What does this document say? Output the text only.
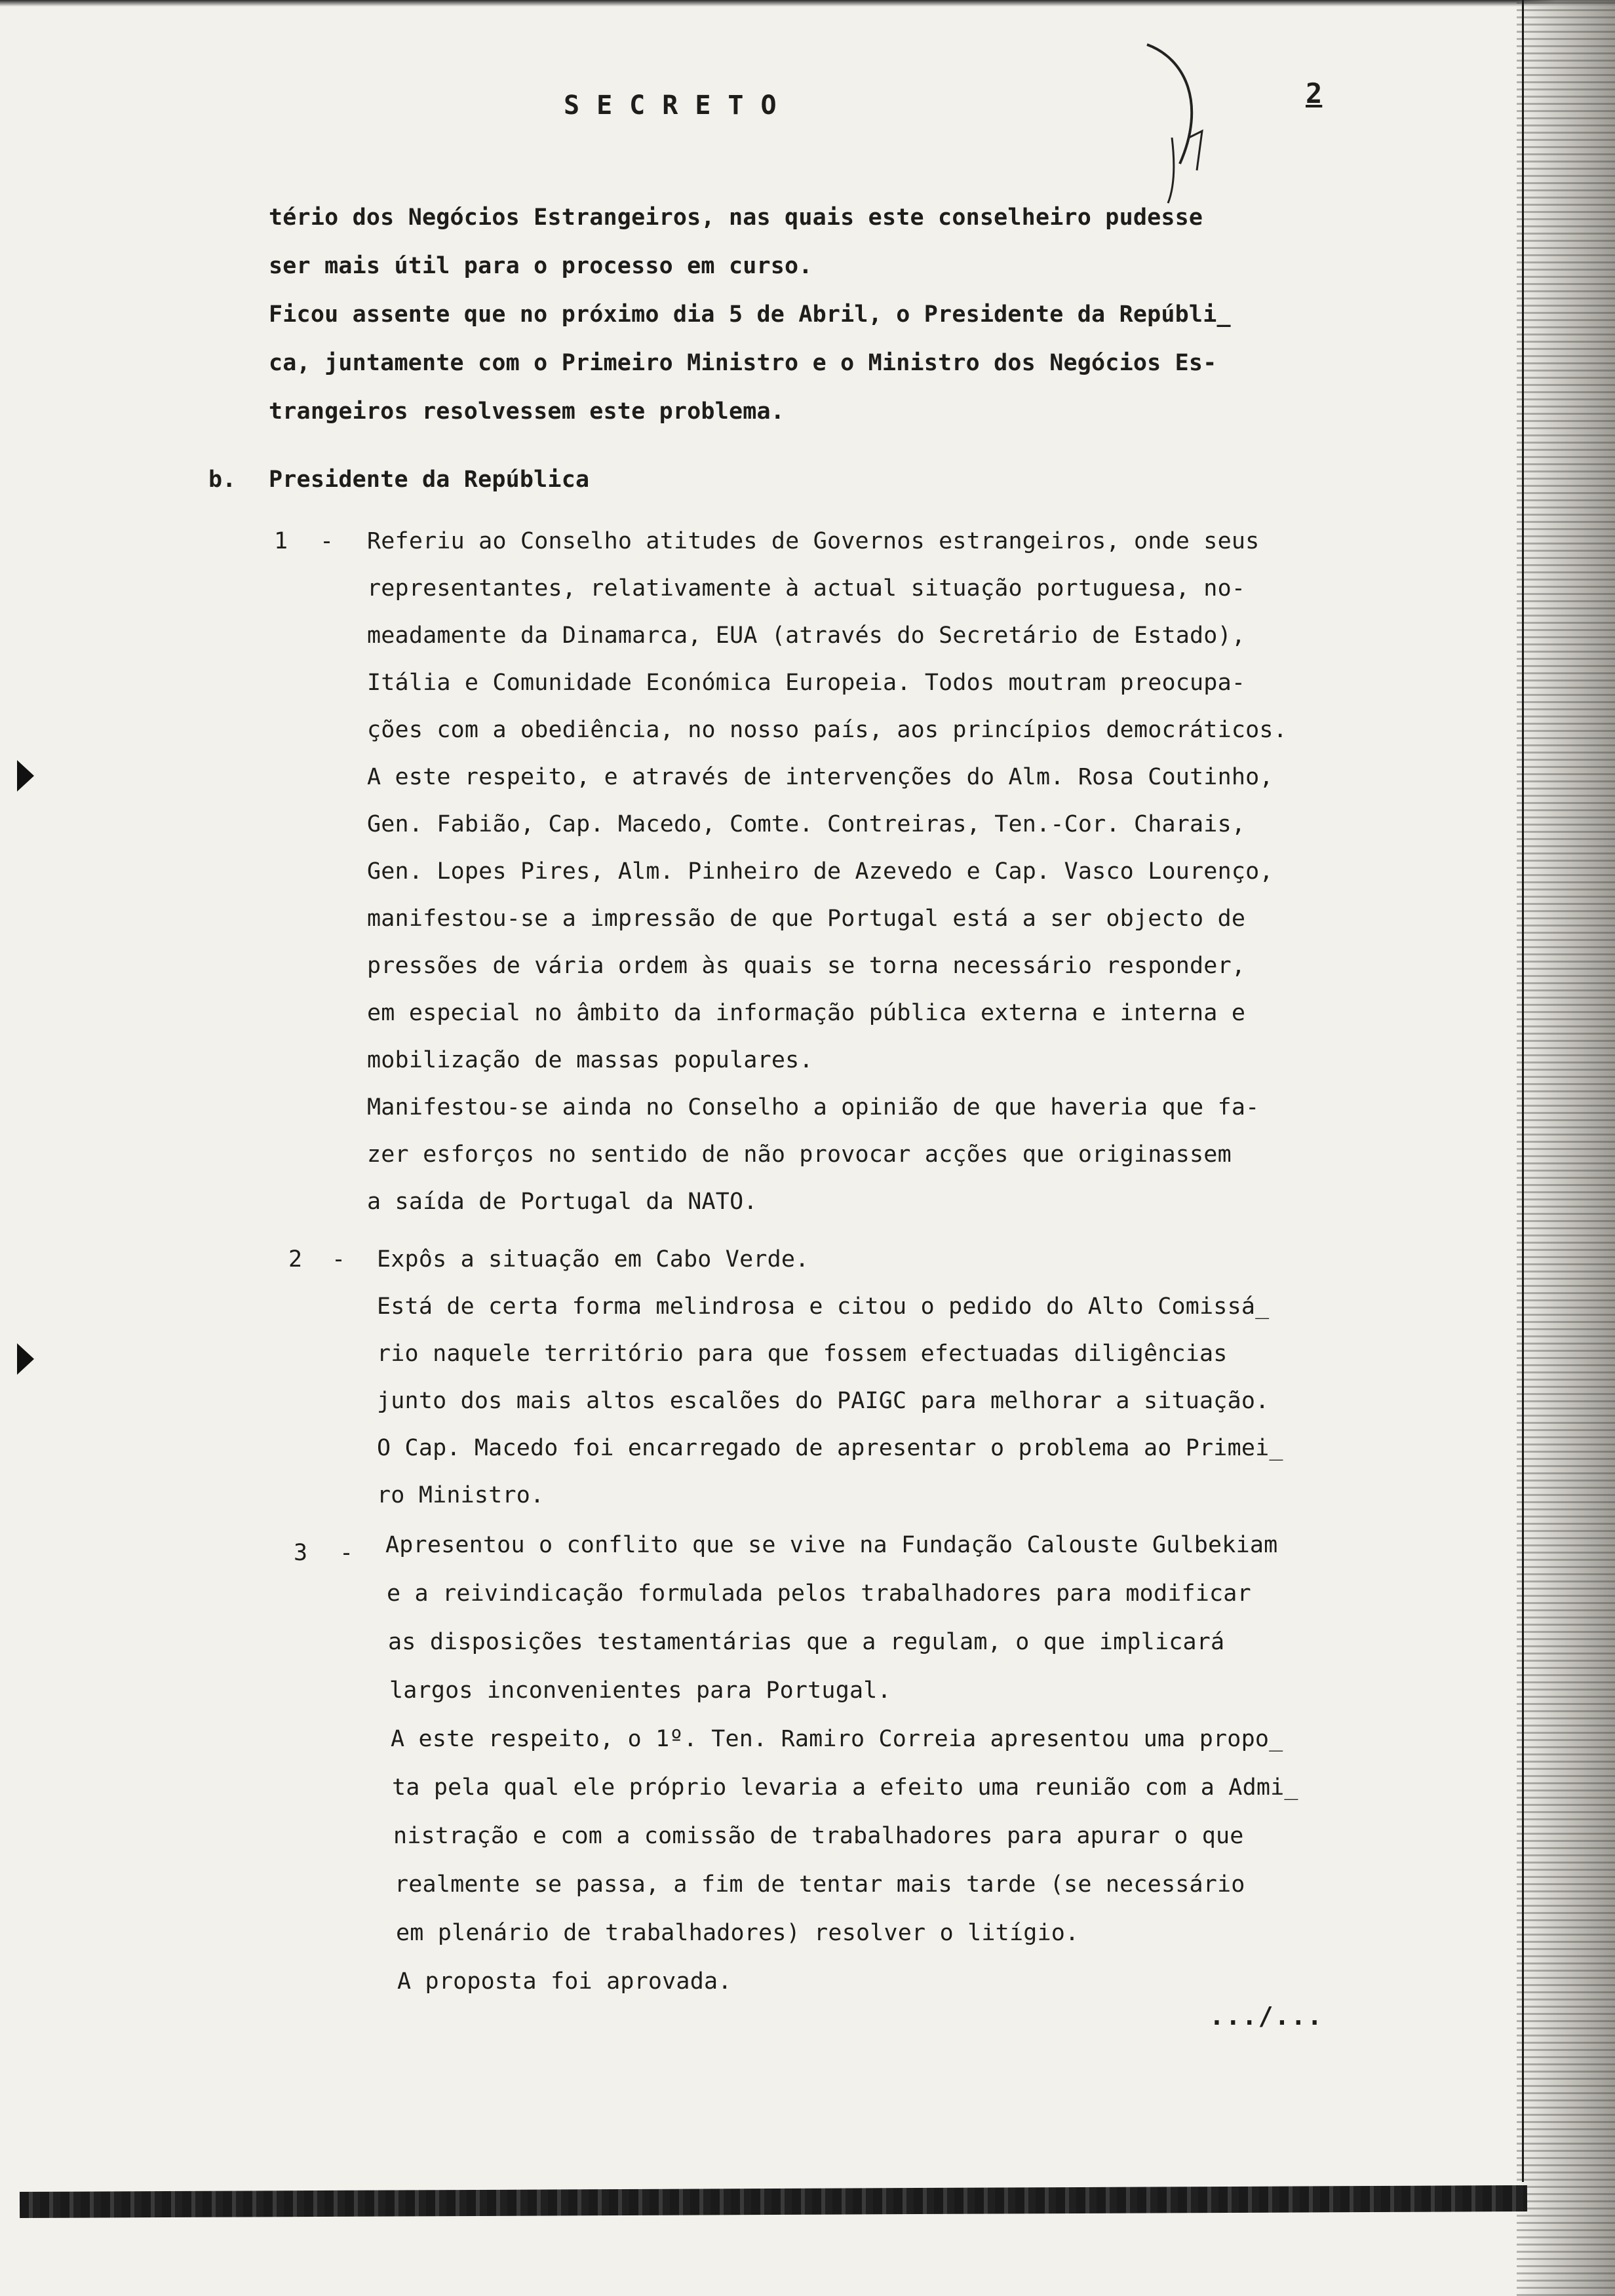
SECRETO	2
tério dos Negócios Estrangeiros, nas quais este conselheiro pudesse
ser mais útil para o processo em curso.
Ficou assente que no próximo dia 5 de Abril, o Presidente da Repúbli_
ca, juntamente com o Primeiro Ministro e o Ministro dos Negócios Es-
trangeiros resolvessem este problema.
b. Presidente da República
1 - Referiu ao Conselho atitudes de Governos estrangeiros, onde seus
representantes, relativamente à actual situação portuguesa, no-
meadamente da Dinamarca, EUA (através do Secretário de Estado),
Itália e Comunidade Económica Europeia. Todos moutram preocupa-
ções com a obediência, no nosso país, aos princípios democráticos.
A este respeito, e através de intervenções do Alm. Rosa Coutinho,
Gen. Fabião, Cap. Macedo, Comte. Contreiras, Ten.-Cor. Charais,
Gen. Lopes Pires, Alm. Pinheiro de Azevedo e Cap. Vasco Lourenço,
manifestou-se a impressão de que Portugal está a ser objecto de
pressões de vária ordem às quais se torna necessário responder,
em especial no âmbito da informação pública externa e interna e
mobilização de massas populares.
Manifestou-se ainda no Conselho a opinião de que haveria que fa-
zer esforços no sentido de não provocar acções que originassem
a saída de Portugal da NATO.
2 - Expôs a situação em Cabo Verde.
Está de certa forma melindrosa e citou o pedido do Alto Comissá_
rio naquele território para que fossem efectuadas diligências
junto dos mais altos escalões do PAIGC para melhorar a situação.
O Cap. Macedo foi encarregado de apresentar o problema ao Primei_
ro Ministro.
3 - Apresentou o conflito que se vive na Fundação Calouste Gulbekiam
e a reivindicação formulada pelos trabalhadores para modificar
as disposições testamentárias que a regulam, o que implicará
largos inconvenientes para Portugal.
A este respeito, o 1º. Ten. Ramiro Correia apresentou uma propo_
ta pela qual ele próprio levaria a efeito uma reunião com a Admi_
nistração e com a comissão de trabalhadores para apurar o que
realmente se passa, a fim de tentar mais tarde (se necessário
em plenário de trabalhadores) resolver o litígio.
A proposta foi aprovada.
.../...
